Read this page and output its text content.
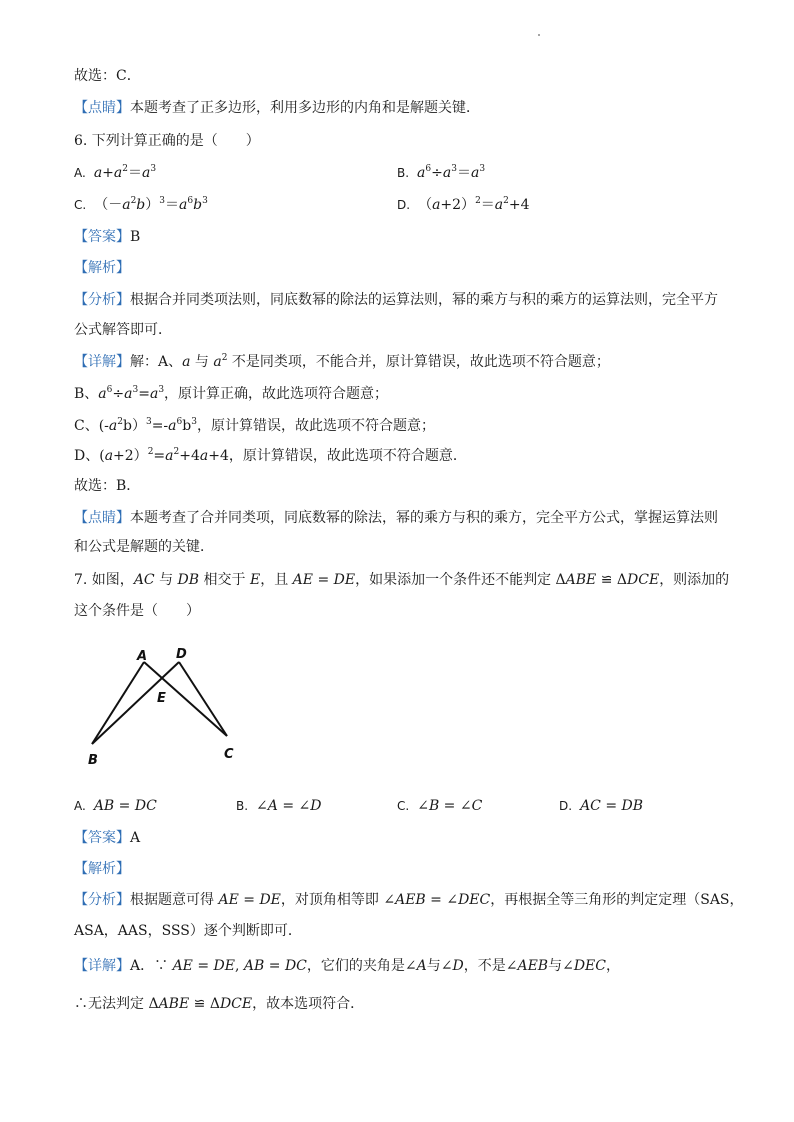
故选：C．
【点睛】本题考查了正多边形，利用多边形的内角和是解题关键．
6. 下列计算正确的是（　　）
A. $a+a^2=a^3$	B. $a^6\div a^3=a^3$
C. $(-a^2b)^3=a^6b^3$	D. $(a+2)^2=a^2+4$
【答案】B
【解析】
【分析】根据合并同类项法则，同底数幂的除法的运算法则，幂的乘方与积的乘方的运算法则，完全平方
公式解答即可．
【详解】解：A、a 与 $a^2$ 不是同类项，不能合并，原计算错误，故此选项不符合题意；
B、$a^6\div a^3=a^3$，原计算正确，故此选项符合题意；
C、$(-a^2b)^3=-a^6b^3$，原计算错误，故此选项不符合题意；
D、$(a+2)^2=a^2+4a+4$，原计算错误，故此选项不符合题意．
故选：B．
【点睛】本题考查了合并同类项，同底数幂的除法，幂的乘方与积的乘方，完全平方公式，掌握运算法则
和公式是解题的关键．
7. 如图，AC 与 DB 相交于 E，且 AE = DE，如果添加一个条件还不能判定 ΔABE ≌ ΔDCE，则添加的
这个条件是（　　）
A D
E
B	C
A. AB = DC	B. ∠A = ∠D	C. ∠B = ∠C	D. AC = DB
【答案】A
【解析】
【分析】根据题意可得 AE = DE，对顶角相等即 ∠AEB = ∠DEC，再根据全等三角形的判定定理（SAS，
ASA，AAS，SSS）逐个判断即可．
【详解】A．∵ AE = DE, AB = DC，它们的夹角是∠A与∠D，不是∠AEB与∠DEC，
∴无法判定 ΔABE ≌ ΔDCE，故本选项符合．
